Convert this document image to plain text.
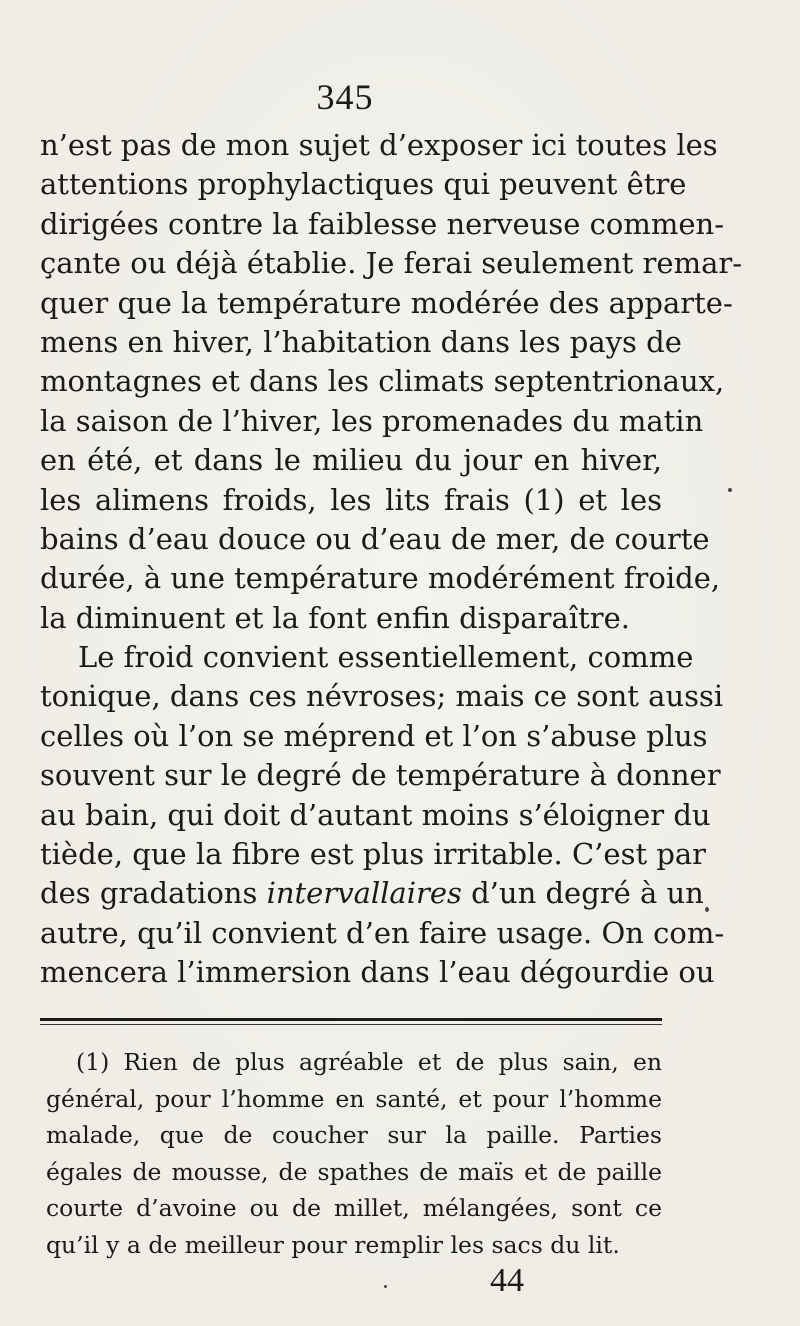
345
n’est pas de mon sujet d’exposer ici toutes les
attentions prophylactiques qui peuvent être
dirigées contre la faiblesse nerveuse commen-
çante ou déjà établie. Je ferai seulement remar-
quer que la température modérée des apparte-
mens en hiver, l’habitation dans les pays de
montagnes et dans les climats septentrionaux,
la saison de l’hiver, les promenades du matin
en été, et dans le milieu du jour en hiver,
les alimens froids, les lits frais (1) et les
bains d’eau douce ou d’eau de mer, de courte
durée, à une température modérément froide,
la diminuent et la font enfin disparaître.
Le froid convient essentiellement, comme
tonique, dans ces névroses; mais ce sont aussi
celles où l’on se méprend et l’on s’abuse plus
souvent sur le degré de température à donner
au bain, qui doit d’autant moins s’éloigner du
tiède, que la fibre est plus irritable. C’est par
des gradations intervallaires d’un degré à un
autre, qu’il convient d’en faire usage. On com-
mencera l’immersion dans l’eau dégourdie ou
(1) Rien de plus agréable et de plus sain, en
général, pour l’homme en santé, et pour l’homme
malade, que de coucher sur la paille. Parties
égales de mousse, de spathes de maïs et de paille
courte d’avoine ou de millet, mélangées, sont ce
qu’il y a de meilleur pour remplir les sacs du lit.
44
